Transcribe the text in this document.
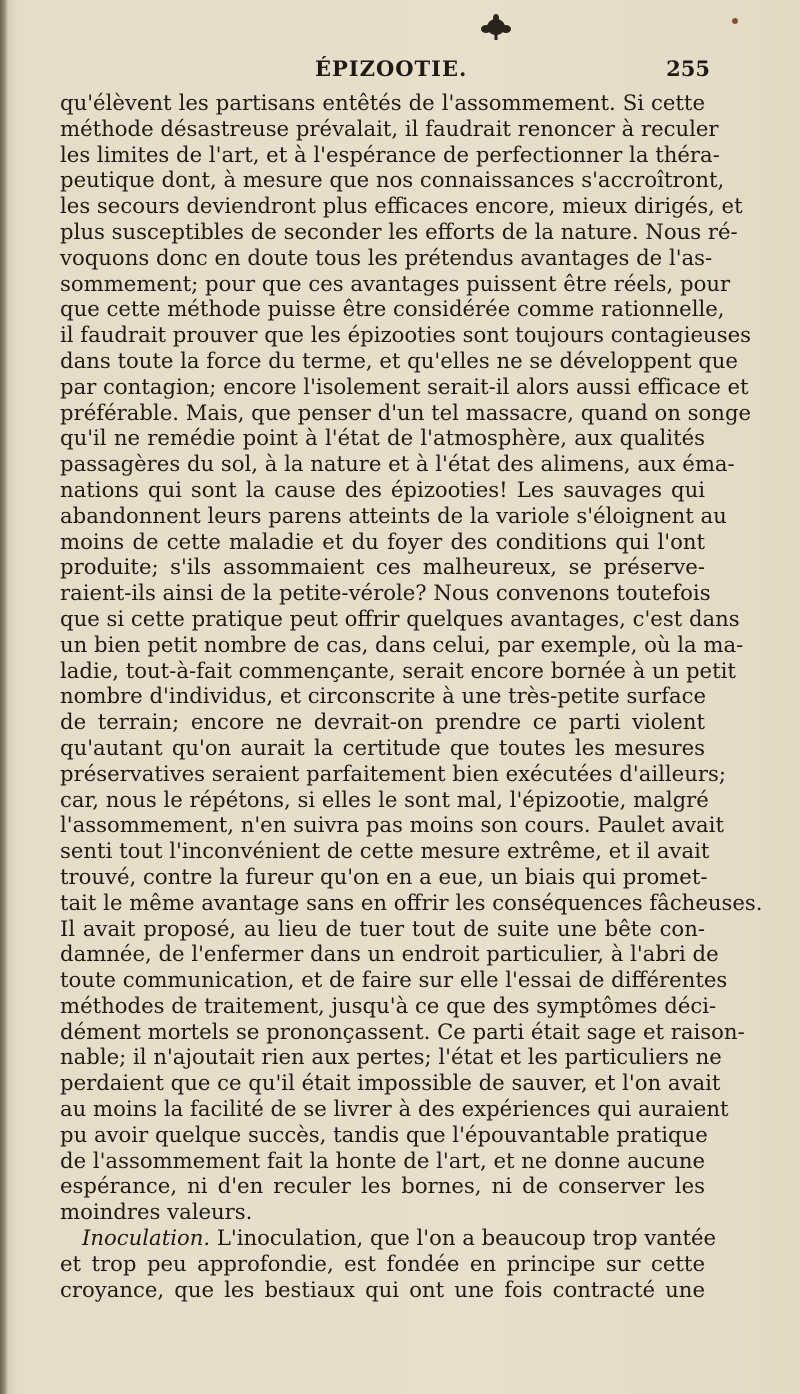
ÉPIZOOTIE.	255
qu'élèvent les partisans entêtés de l'assommement. Si cette
méthode désastreuse prévalait, il faudrait renoncer à reculer
les limites de l'art, et à l'espérance de perfectionner la théra-
peutique dont, à mesure que nos connaissances s'accroîtront,
les secours deviendront plus efficaces encore, mieux dirigés, et
plus susceptibles de seconder les efforts de la nature. Nous ré-
voquons donc en doute tous les prétendus avantages de l'as-
sommement; pour que ces avantages puissent être réels, pour
que cette méthode puisse être considérée comme rationnelle,
il faudrait prouver que les épizooties sont toujours contagieuses
dans toute la force du terme, et qu'elles ne se développent que
par contagion; encore l'isolement serait-il alors aussi efficace et
préférable. Mais, que penser d'un tel massacre, quand on songe
qu'il ne remédie point à l'état de l'atmosphère, aux qualités
passagères du sol, à la nature et à l'état des alimens, aux éma-
nations qui sont la cause des épizooties! Les sauvages qui
abandonnent leurs parens atteints de la variole s'éloignent au
moins de cette maladie et du foyer des conditions qui l'ont
produite; s'ils assommaient ces malheureux, se préserve-
raient-ils ainsi de la petite-vérole? Nous convenons toutefois
que si cette pratique peut offrir quelques avantages, c'est dans
un bien petit nombre de cas, dans celui, par exemple, où la ma-
ladie, tout-à-fait commençante, serait encore bornée à un petit
nombre d'individus, et circonscrite à une très-petite surface
de terrain; encore ne devrait-on prendre ce parti violent
qu'autant qu'on aurait la certitude que toutes les mesures
préservatives seraient parfaitement bien exécutées d'ailleurs;
car, nous le répétons, si elles le sont mal, l'épizootie, malgré
l'assommement, n'en suivra pas moins son cours. Paulet avait
senti tout l'inconvénient de cette mesure extrême, et il avait
trouvé, contre la fureur qu'on en a eue, un biais qui promet-
tait le même avantage sans en offrir les conséquences fâcheuses.
Il avait proposé, au lieu de tuer tout de suite une bête con-
damnée, de l'enfermer dans un endroit particulier, à l'abri de
toute communication, et de faire sur elle l'essai de différentes
méthodes de traitement, jusqu'à ce que des symptômes déci-
dément mortels se prononçassent. Ce parti était sage et raison-
nable; il n'ajoutait rien aux pertes; l'état et les particuliers ne
perdaient que ce qu'il était impossible de sauver, et l'on avait
au moins la facilité de se livrer à des expériences qui auraient
pu avoir quelque succès, tandis que l'épouvantable pratique
de l'assommement fait la honte de l'art, et ne donne aucune
espérance, ni d'en reculer les bornes, ni de conserver les
moindres valeurs.
Inoculation. L'inoculation, que l'on a beaucoup trop vantée
et trop peu approfondie, est fondée en principe sur cette
croyance, que les bestiaux qui ont une fois contracté une
